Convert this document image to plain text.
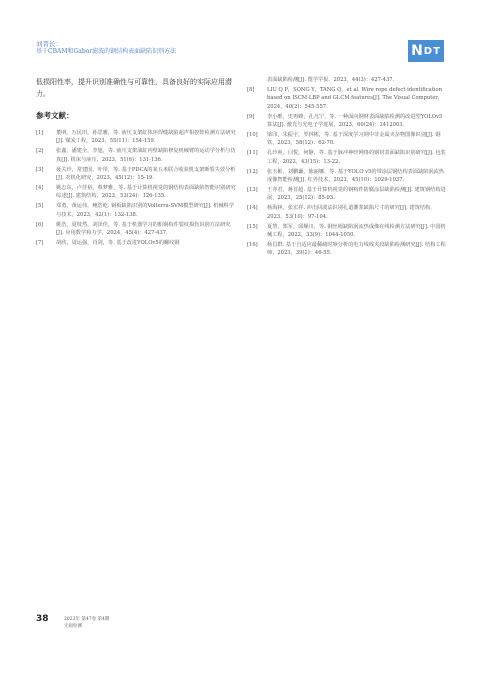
刘晋长：
基于CBAM和Gabor滤波的钢结构表面缺陷识别方法	N DT

低损阳性率，提升识别准确性与可靠性，具备良好的实际应用潜力。

参考文献：
[1]	董明，万民田，孙思雅，等. 液压支架缸体环焊缝缺陷超声相控阵检测方法研究[J]. 煤炭工程，2023，55(11)：154-159.
[2]	张鑫，潘建全，李旭，等. 液压支架油缸内壁缺陷修复机械臂的运动学分析与仿真[J]. 机床与液压，2023，51(6)：131-136.
[3]	聂关玲，常建国，叶彤，等. 基于PDCA的某五米联合收获机支架断裂失效分析[J]. 农机化研究，2023，45(12)：15-19.
[4]	姚志东，卢佳裕，蔡梦雅，等. 基于计算机视觉的钢结构表面缺陷智能识别研究综述[J]. 建筑结构，2023，53(24)：126-135.
[5]	邓勇，黄运伟，鲍浩屹. 钢板缺陷识别的Volterra-SVM模型研究[J]. 机械科学与技术，2023，42(1)：132-138.
[6]	姚浩，夏枝然，刘泽佳，等. 基于机器学习的船钢构件裂纹损伤识别方法研究[J]. 应用数学和力学，2024，45(4)：427-437.
[7]	胡欣，周运强，肖剑，等. 基于改进YOLOv5的螺纹钢
表面缺陷检测[J]. 图学学报，2023，44(3)：427-437.
[8]	LIU Q P，SONG Y，TANG Q，et al. Wire rope defect identification based on ISCM-LBP and GLCM features[J]. The Visual Computer，2024，40(2)：545-557.
[9]	李小维，史再峰，孔凡宁，等. 一种面向钢材表面缺陷检测的改进型YOLOv5算法[J]. 激光与光电子学进展，2023，60(24)：2412003.
[10]	梁印，朱振宇，罗林彬，等. 基于深度学习钢中非金属夹杂物图像识别[J]. 钢铁，2023，58(12)：62-70.
[11]	孔玲爽，闫悦，何静，等. 基于脉冲神经网络的钢材表面缺陷识别研究[J]. 包装工程，2022，43(15)：13-22.
[12]	张玉彬，刘鹏谦，陈丽娜，等. 基于YOLO v5的带涂层钢结构表面缺陷涡流热成像智能检测[J]. 红外技术，2023，45(10)：1029-1037.
[13]	王亦君，蒋首超. 基于计算机视觉的钢构件防腐涂层缺陷检测[J]. 建筑钢结构进展，2023，25(12)：85-93.
[14]	杨海林，张宏祥. 冲击回波法识别孔道灌浆缺陷尺寸的研究[J]. 建筑结构，2023，53(10)：97-104.
[15]	夏慧，郑军，邱顺川，等. 钢丝绳缺陷涡流热成像在线检测方法研究[J]. 中国机械工程，2022，33(9)：1044-1050.
[16]	杨昌群. 基于自适应最稀疏时频分析的电力线线夹段缺陷检测研究[J]. 结构工程师，2023，39(1)：46-55.
38	2023年 第47卷 第4期
无损检测
